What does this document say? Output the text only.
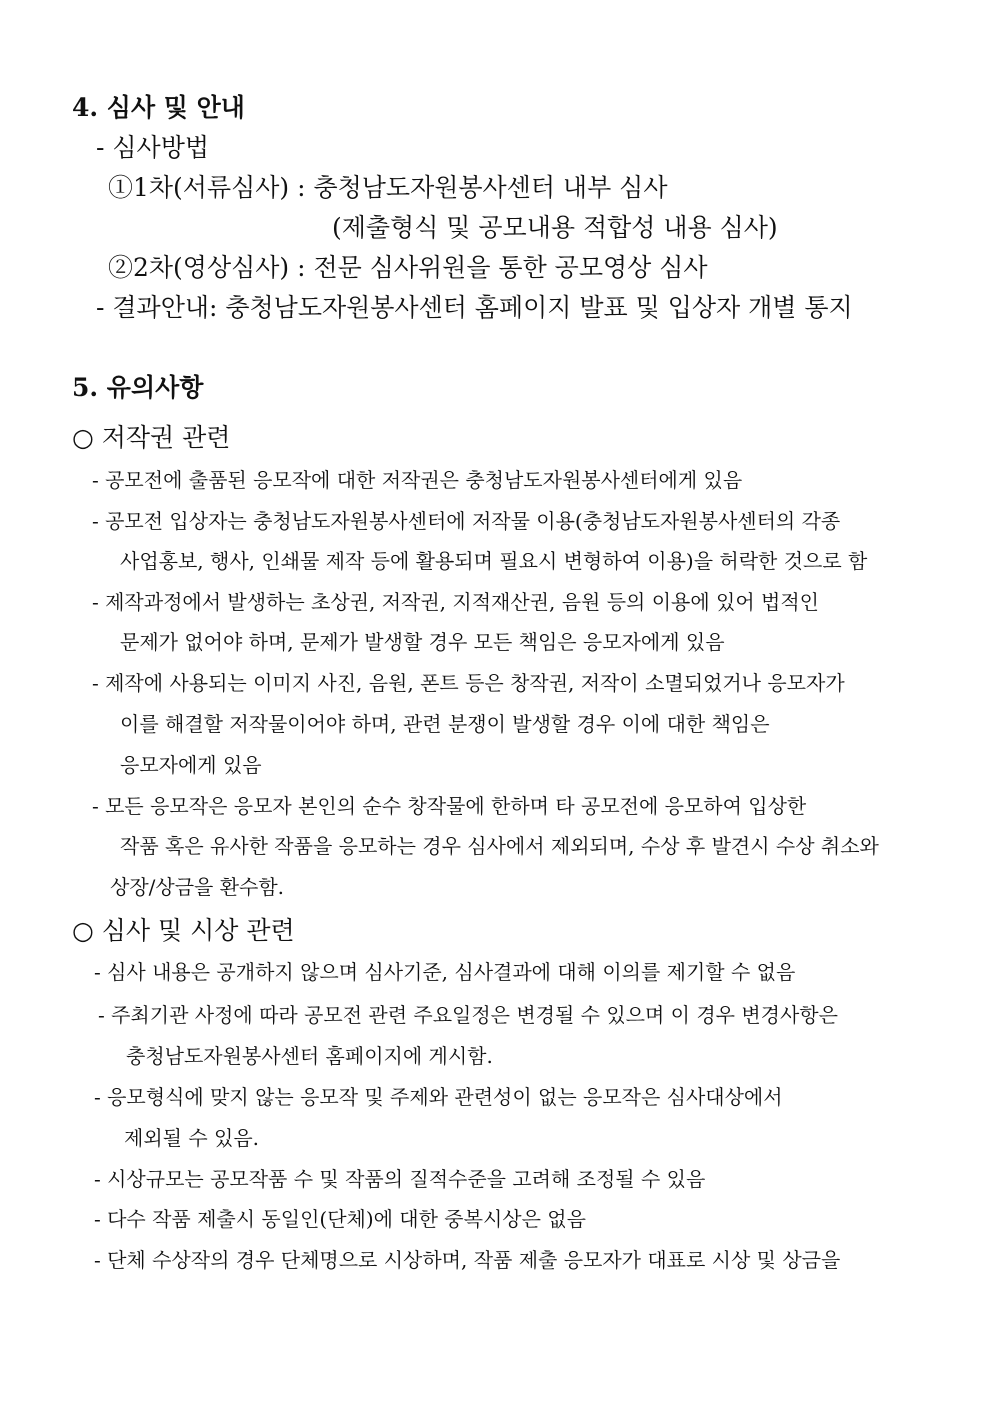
4. 심사 및 안내
- 심사방법
①1차(서류심사) : 충청남도자원봉사센터 내부 심사
(제출형식 및 공모내용 적합성 내용 심사)
②2차(영상심사) : 전문 심사위원을 통한 공모영상 심사
- 결과안내: 충청남도자원봉사센터 홈페이지 발표 및 입상자 개별 통지
5. 유의사항
○ 저작권 관련
- 공모전에 출품된 응모작에 대한 저작권은 충청남도자원봉사센터에게 있음
- 공모전 입상자는 충청남도자원봉사센터에 저작물 이용(충청남도자원봉사센터의 각종
사업홍보, 행사, 인쇄물 제작 등에 활용되며 필요시 변형하여 이용)을 허락한 것으로 함
- 제작과정에서 발생하는 초상권, 저작권, 지적재산권, 음원 등의 이용에 있어 법적인
문제가 없어야 하며, 문제가 발생할 경우 모든 책임은 응모자에게 있음
- 제작에 사용되는 이미지 사진, 음원, 폰트 등은 창작권, 저작이 소멸되었거나 응모자가
이를 해결할 저작물이어야 하며, 관련 분쟁이 발생할 경우 이에 대한 책임은
응모자에게 있음
- 모든 응모작은 응모자 본인의 순수 창작물에 한하며 타 공모전에 응모하여 입상한
작품 혹은 유사한 작품을 응모하는 경우 심사에서 제외되며, 수상 후 발견시 수상 취소와
상장/상금을 환수함.
○ 심사 및 시상 관련
- 심사 내용은 공개하지 않으며 심사기준, 심사결과에 대해 이의를 제기할 수 없음
- 주최기관 사정에 따라 공모전 관련 주요일정은 변경될 수 있으며 이 경우 변경사항은
충청남도자원봉사센터 홈페이지에 게시함.
- 응모형식에 맞지 않는 응모작 및 주제와 관련성이 없는 응모작은 심사대상에서
제외될 수 있음.
- 시상규모는 공모작품 수 및 작품의 질적수준을 고려해 조정될 수 있음
- 다수 작품 제출시 동일인(단체)에 대한 중복시상은 없음
- 단체 수상작의 경우 단체명으로 시상하며, 작품 제출 응모자가 대표로 시상 및 상금을
